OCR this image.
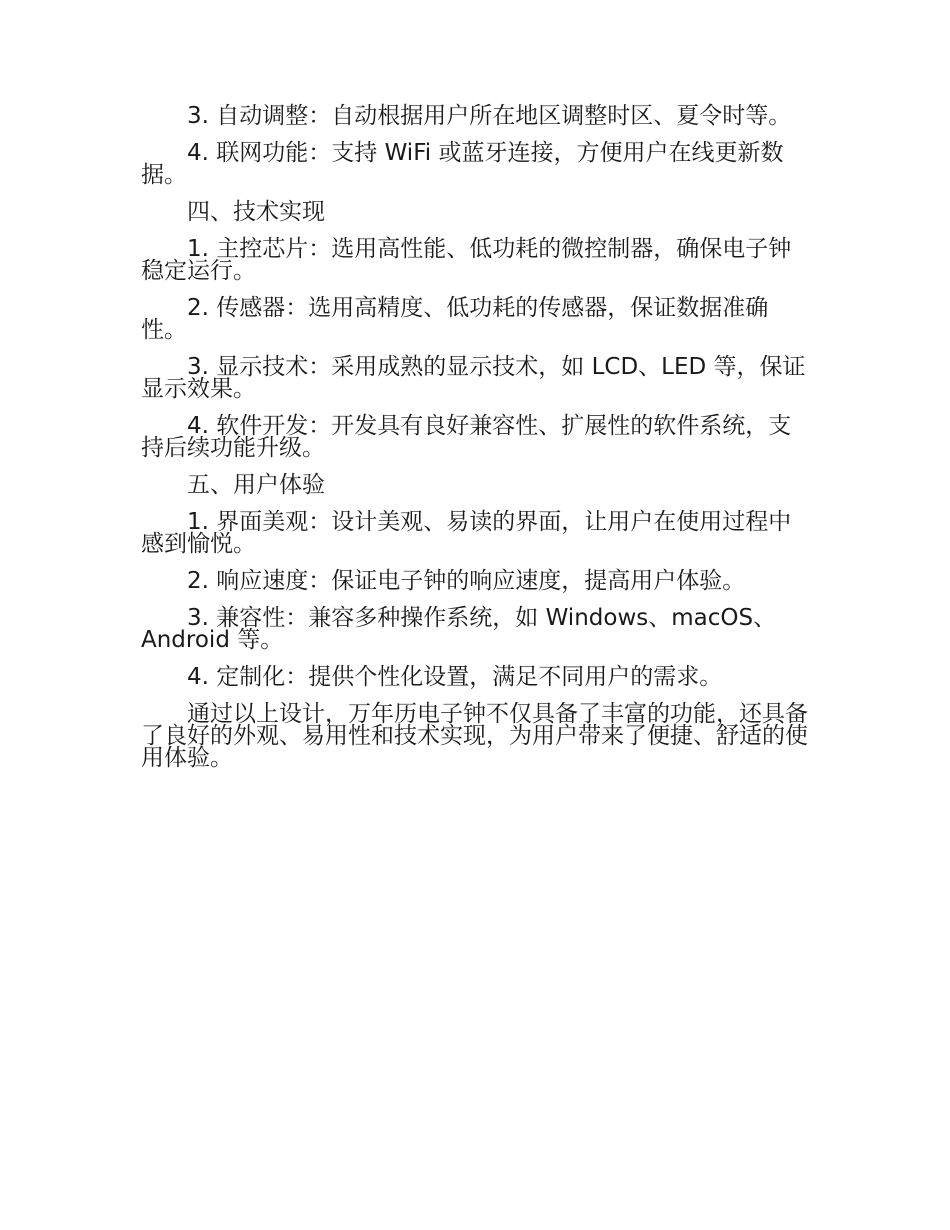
3. 自动调整：自动根据用户所在地区调整时区、夏令时等。

4. 联网功能：支持 WiFi 或蓝牙连接，方便用户在线更新数据。

四、技术实现

1. 主控芯片：选用高性能、低功耗的微控制器，确保电子钟稳定运行。

2. 传感器：选用高精度、低功耗的传感器，保证数据准确性。

3. 显示技术：采用成熟的显示技术，如 LCD、LED 等，保证显示效果。

4. 软件开发：开发具有良好兼容性、扩展性的软件系统，支持后续功能升级。

五、用户体验

1. 界面美观：设计美观、易读的界面，让用户在使用过程中感到愉悦。

2. 响应速度：保证电子钟的响应速度，提高用户体验。

3. 兼容性：兼容多种操作系统，如 Windows、macOS、Android 等。

4. 定制化：提供个性化设置，满足不同用户的需求。

通过以上设计，万年历电子钟不仅具备了丰富的功能，还具备了良好的外观、易用性和技术实现，为用户带来了便捷、舒适的使用体验。
